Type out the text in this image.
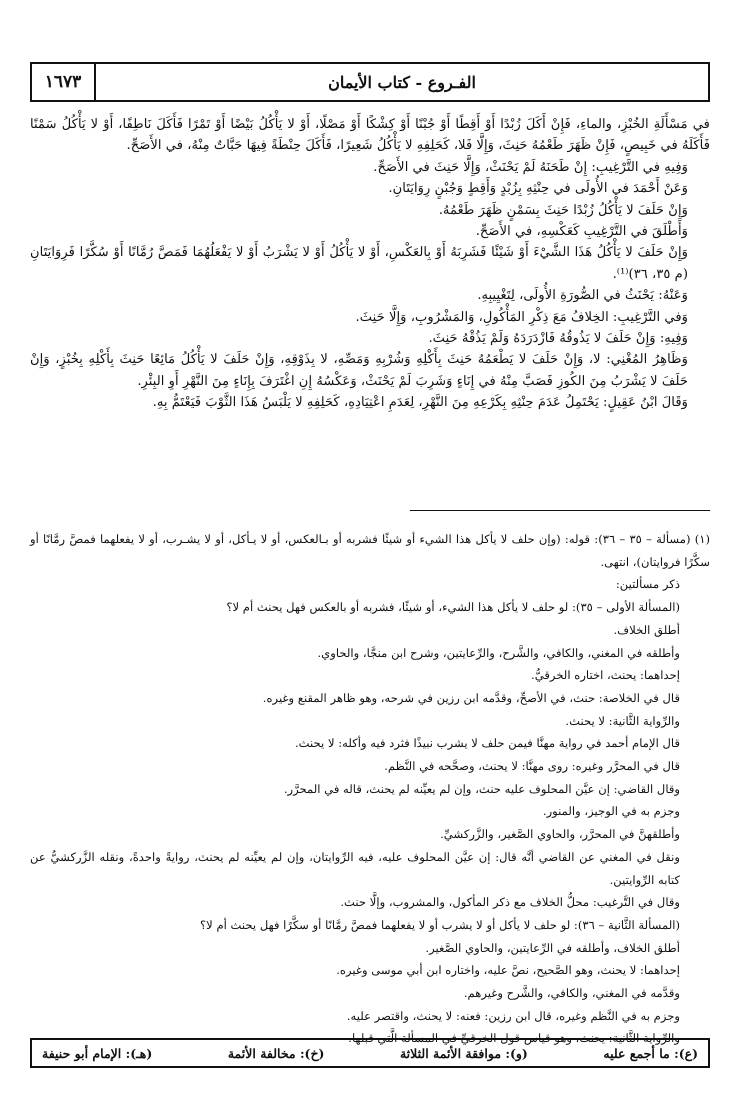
الفـروع - كتاب الأيمان
١٦٧٣

في مَسْأَلَةِ الخُبْزِ، والماءِ، فَإِنْ أَكَلَ زُبْدًا أَوْ أَقِطًا أَوْ جُبْنًا أَوْ كِشْكًا أَوْ مَصْلًا، أَوْ لا يَأْكُلُ بَيْضًا أَوْ تَمْرًا فَأَكَلَ نَاطِفًا، أَوْ لا يَأْكُلُ سَمْنًا فَأَكَلَهُ في خَبِيصٍ، فَإِنْ ظَهَرَ طَعْمُهُ حَنِثَ، وَإِلَّا فَلا، كَحَلِفِهِ لا يَأْكُلُ شَعِيرًا، فَأَكَلَ حِنْطَةً فِيهَا حَبَّاتٌ مِنْهُ، في الأَصَحِّ.

وَفِيهِ في التَّرْغِيبِ: إِنْ طَحَنَهُ لَمْ يَحْنَثْ، وَإِلَّا حَنِثَ في الأَصَحِّ.

وَعَنْ أَحْمَدَ في الأُولَى في حِنْثِهِ بِزُبْدٍ وَأَقِطٍ وَجُبْنٍ رِوَايَتَانِ.

وَإِنْ حَلَفَ لا يَأْكُلُ زُبْدًا حَنِثَ بِسَمْنٍ ظَهَرَ طَعْمُهُ.

وَأَطْلَقَ في التَّرْغِيبِ كَعَكْسِهِ، في الأَصَحِّ.

وَإِنْ حَلَفَ لا يَأْكُلُ هَذَا الشَّيْءَ أَوْ شَيْئًا فَشَرِبَهُ أَوْ بِالعَكْسِ، أَوْ لا يَأْكُلُ أَوْ لا يَشْرَبُ أَوْ لا يَفْعَلُهُمَا فَمَصَّ رُمَّانًا أَوْ سُكَّرًا فَرِوَايَتَانِ (م ٣٥، ٣٦)⁽¹⁾.

وَعَنْهُ: يَحْنَثُ في الصُّورَةِ الأُولَى، لِتَغْيِيبِهِ.

وَفي التَّرْغِيبِ: الخِلافُ مَعَ ذِكْرِ المَأْكُولِ، وَالمَشْرُوبِ، وَإِلَّا حَنِثَ.

وَفِيهِ: وَإِنْ حَلَفَ لا يَذُوقُهُ فَازْدَرَدَهُ وَلَمْ يَذُقْهُ حَنِثَ.

وَظَاهِرُ المُغْنِي: لا، وَإِنْ حَلَفَ لا يَطْعَمُهُ حَنِثَ بِأَكْلِهِ وَشُرْبِهِ وَمَصِّهِ، لا بِذَوْقِهِ، وَإِنْ حَلَفَ لا يَأْكُلُ مَائِعًا حَنِثَ بِأَكْلِهِ بِخُبْزٍ، وَإِنْ حَلَفَ لا يَشْرَبُ مِنَ الكُوزِ فَصَبَّ مِنْهُ في إِنَاءٍ وَشَرِبَ لَمْ يَحْنَثْ، وَعَكْسُهُ إِنِ اغْتَرَفَ بِإِنَاءٍ مِنَ النَّهْرِ أَوِ البِئْرِ.

وَقَالَ ابْنُ عَقِيلٍ: يَحْتَمِلُ عَدَمَ حِنْثِهِ بِكَرْعِهِ مِنَ النَّهْرِ، لِعَدَمِ اعْتِيَادِهِ، كَحَلِفِهِ لا يَلْبَسُ هَذَا الثَّوْبَ فَيَعْتَمُّ بِهِ.

(١) (مسألة – ٣٥ – ٣٦): قوله: (وإن حلف لا يأكل هذا الشيء أو شيئًا فشربه أو بـالعكس، أو لا يـأكل، أو لا يشـرب، أو لا يفعلهما فمصَّ رمَّانًا أو سكَّرًا فروايتان)، انتهى.

ذكر مسألتين:

(المسألة الأولى – ٣٥): لو حلف لا يأكل هذا الشيء، أو شيئًا، فشربه أو بالعكس فهل يحنث أم لا؟

أطلق الخلاف.

وأطلقه في المغني، والكافي، والشَّرح، والرِّعايتين، وشرح ابن منجَّا، والحاوي.

إحداهما: يحنث، اختاره الخرقيُّ.

قال في الخلاصة: حنث، في الأصحِّ، وقدَّمه ابن رزين في شرحه، وهو ظاهر المقنع وغيره.

والرِّواية الثَّانية: لا يحنث.

قال الإمام أحمد في رواية مهنَّا فيمن حلف لا يشرب نبيذًا فثرد فيه وأكله: لا يحنث.

قال في المحرَّر وغيره: روى مهنَّا: لا يحنث، وصحَّحه في النَّظم.

وقال القاضي: إن عيَّن المحلوف عليه حنث، وإن لم يعيِّنه لم يحنث، قاله في المحرَّر.

وجزم به في الوجيز، والمنور.

وأطلقهنَّ في المحرَّر، والحاوي الصَّغير، والزَّركشيِّ.

ونقل في المغني عن القاضي أنَّه قال: إن عيَّن المحلوف عليه، فيه الرِّوايتان، وإن لم يعيِّنه لم يحنث، روايةً واحدةً، ونقله الزَّركشيُّ عن كتابه الرِّوايتين.

وقال في التَّرغيب: محلُّ الخلاف مع ذكر المأكول، والمشروب، وإلَّا حنث.

(المسألة الثَّانية – ٣٦): لو حلف لا يأكل أو لا يشرب أو لا يفعلهما فمصَّ رمَّانًا أو سكَّرًا فهل يحنث أم لا؟

أطلق الخلاف، وأطلقه في الرِّعايتين، والحاوي الصَّغير.

إحداهما: لا يحنث، وهو الصَّحيح، نصَّ عليه، واختاره ابن أبي موسى وغيره.

وقدَّمه في المغني، والكافي، والشَّرح وغيرهم.

وجزم به في النَّظم وغيره، قال ابن رزين: فعنه: لا يحنث، واقتصر عليه.

والرِّواية الثَّانية: يحنث، وهو قياس قول الخرقيِّ في المسألة الَّتي قبلها.

(ع): ما أجمع عليه
(و): موافقة الأئمة الثلاثة
(خ): مخالفة الأئمة
(هـ): الإمام أبو حنيفة
